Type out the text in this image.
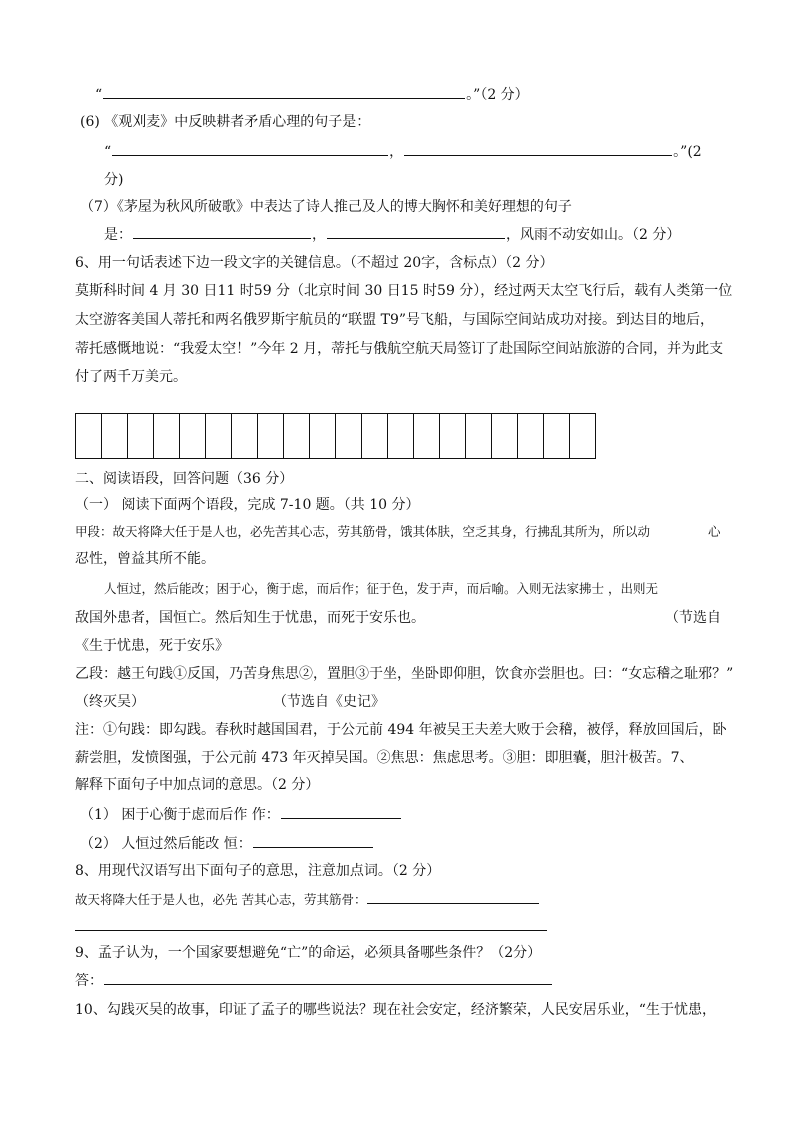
“	。”（2 分）
(6) 《观刈麦》中反映耕者矛盾心理的句子是：
“	，	。”(2
分)
（7）《茅屋为秋风所破歌》中表达了诗人推己及人的博大胸怀和美好理想的句子
是：	，	，风雨不动安如山。（2 分）
6、用一句话表述下边一段文字的关键信息。（不超过 20字，含标点）（2 分）
莫斯科时间 4 月 30 日11 时59 分（北京时间 30 日15 时59 分），经过两天太空飞行后，载有人类第一位
太空游客美国人蒂托和两名俄罗斯宇航员的“联盟 T9”号飞船，与国际空间站成功对接。到达目的地后，
蒂托感慨地说：“我爱太空！”今年 2 月，蒂托与俄航空航天局签订了赴国际空间站旅游的合同，并为此支
付了两千万美元。
二、阅读语段，回答问题（36 分）
（一） 阅读下面两个语段，完成 7-10 题。（共 10 分）
甲段：故天将降大任于是人也，必先苦其心志，劳其筋骨，饿其体肤，空乏其身，行拂乱其所为，所以动	心
忍性，曾益其所不能。
人恒过，然后能改；困于心，衡于虑，而后作；征于色，发于声，而后喻。入则无法家拂士 ，出则无
敌国外患者，国恒亡。然后知生于忧患，而死于安乐也。	（节选自
《生于忧患，死于安乐》
乙段：越王句践①反国，乃苦身焦思②，置胆③于坐，坐卧即仰胆，饮食亦尝胆也。曰：“女忘稽之耻邪？”
（终灭吴）	（节选自《史记》
注：①句践：即勾践。春秋时越国国君，于公元前 494 年被吴王夫差大败于会稽，被俘，释放回国后，卧
薪尝胆，发愤图强，于公元前 473 年灭掉吴国。②焦思：焦虑思考。③胆：即胆囊，胆汁极苦。7、
解释下面句子中加点词的意思。（2 分）
（1） 困于心衡于虑而后作 作：
（2） 人恒过然后能改 恒：
8、用现代汉语写出下面句子的意思，注意加点词。（2 分）
故天将降大任于是人也，必先 苦其心志，劳其筋骨：
9、孟子认为，一个国家要想避免“亡”的命运，必须具备哪些条件？（2分）
答：
10、勾践灭吴的故事，印证了孟子的哪些说法？现在社会安定，经济繁荣，人民安居乐业，“生于忧患，
